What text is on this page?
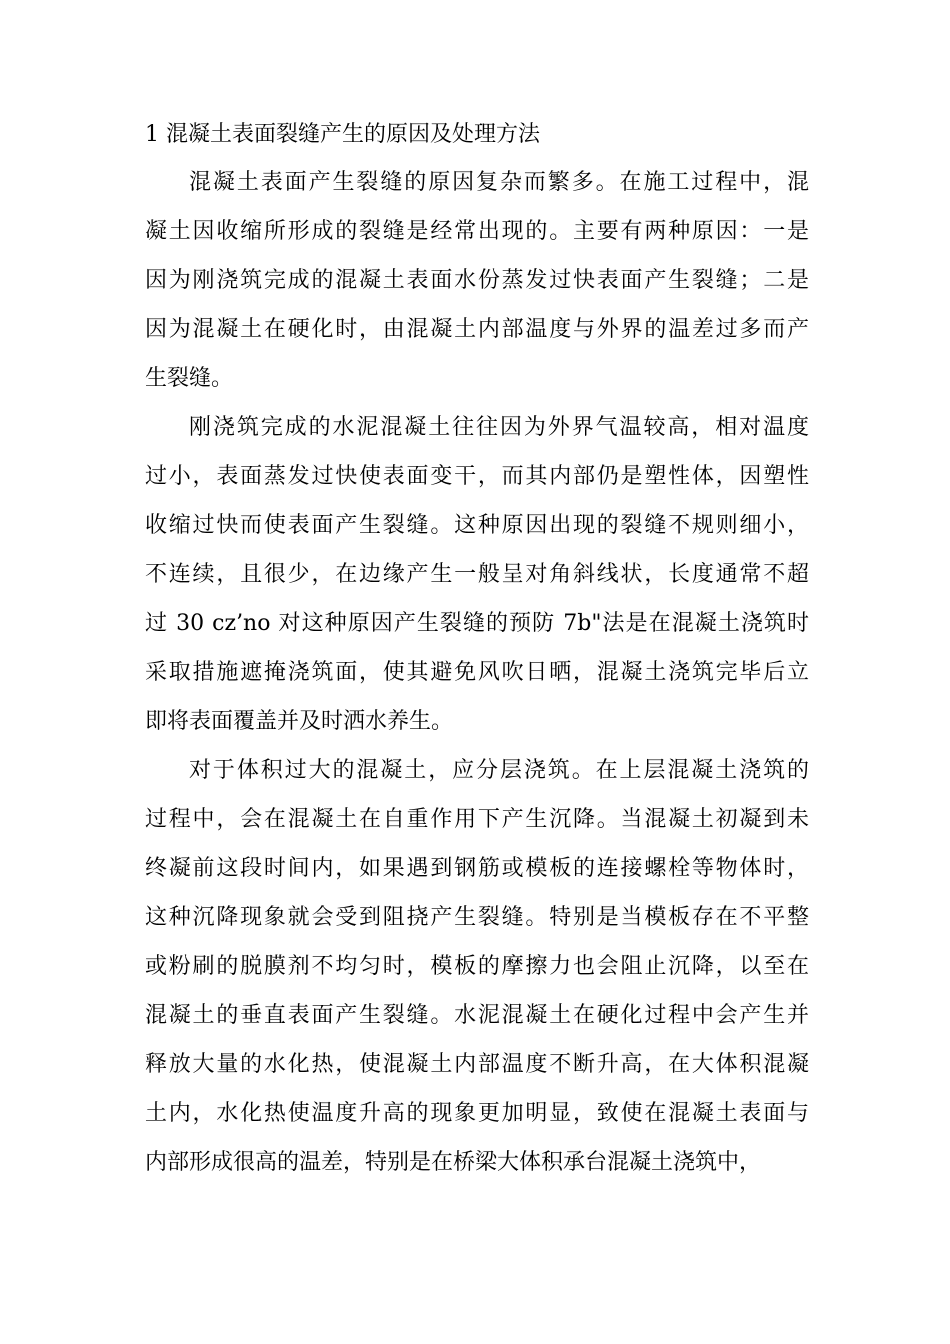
1 混凝土表面裂缝产生的原因及处理方法

混凝土表面产生裂缝的原因复杂而繁多。在施工过程中，混
凝土因收缩所形成的裂缝是经常出现的。主要有两种原因：一是
因为刚浇筑完成的混凝土表面水份蒸发过快表面产生裂缝；二是
因为混凝土在硬化时，由混凝土内部温度与外界的温差过多而产
生裂缝。

刚浇筑完成的水泥混凝土往往因为外界气温较高，相对温度
过小，表面蒸发过快使表面变干，而其内部仍是塑性体，因塑性
收缩过快而使表面产生裂缝。这种原因出现的裂缝不规则细小，
不连续，且很少，在边缘产生一般呈对角斜线状，长度通常不超
过 30 cz’no 对这种原因产生裂缝的预防 7b"法是在混凝土浇筑时
采取措施遮掩浇筑面，使其避免风吹日晒，混凝土浇筑完毕后立
即将表面覆盖并及时洒水养生。

对于体积过大的混凝土，应分层浇筑。在上层混凝土浇筑的
过程中，会在混凝土在自重作用下产生沉降。当混凝土初凝到未
终凝前这段时间内，如果遇到钢筋或模板的连接螺栓等物体时，
这种沉降现象就会受到阻挠产生裂缝。特别是当模板存在不平整
或粉刷的脱膜剂不均匀时，模板的摩擦力也会阻止沉降，以至在
混凝土的垂直表面产生裂缝。水泥混凝土在硬化过程中会产生并
释放大量的水化热，使混凝土内部温度不断升高，在大体积混凝
土内，水化热使温度升高的现象更加明显，致使在混凝土表面与
内部形成很高的温差，特别是在桥梁大体积承台混凝土浇筑中，
